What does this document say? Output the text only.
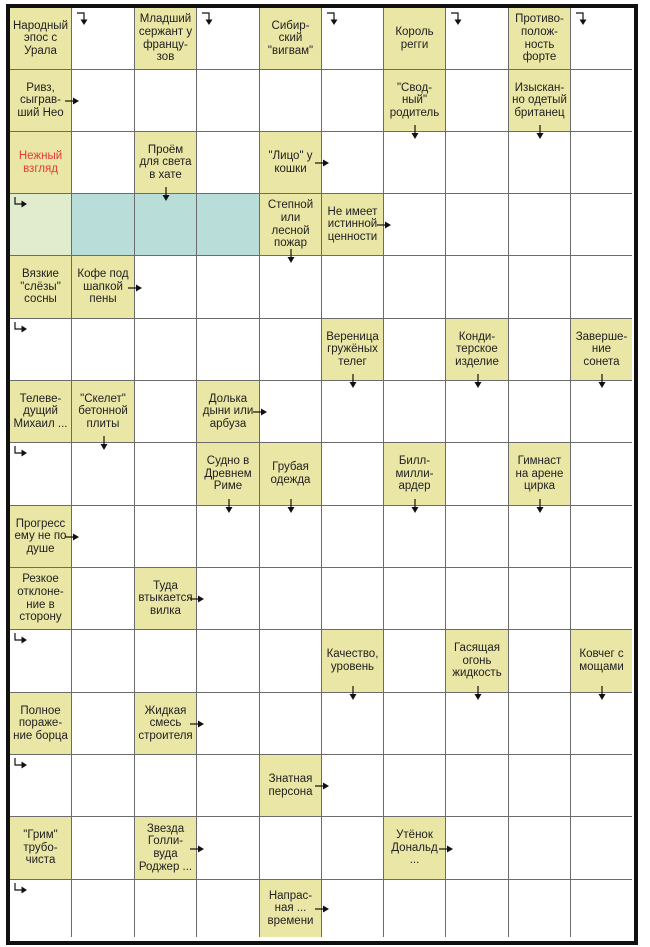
Народный
эпос с
Урала
Младший
сержант у
францу-
зов
Сибир-
ский
"вигвам"
Король
регги
Противо-
полож-
ность
форте
Ривз,
сыграв-
ший Нео
"Свод-
ный"
родитель
Изыскан-
но одетый
британец
Нежный
взгляд
Проём
для света
в хате
"Лицо" у
кошки
Степной
или
лесной
пожар
Не имеет
истинной
ценности
Вязкие
"слёзы"
сосны
Кофе под
шапкой
пены
Вереница
гружёных
телег
Конди-
терское
изделие
Заверше-
ние
сонета
Телеве-
дущий
Михаил ...
"Скелет"
бетонной
плиты
Долька
дыни или
арбуза
Судно в
Древнем
Риме
Грубая
одежда
Билл-
милли-
ардер
Гимнаст
на арене
цирка
Прогресс
ему не по
душе
Резкое
отклоне-
ние в
сторону
Туда
втыкается
вилка
Качество,
уровень
Гасящая
огонь
жидкость
Ковчег с
мощами
Полное
пораже-
ние борца
Жидкая
смесь
строителя
Знатная
персона
"Грим"
трубо-
чиста
Звезда
Голли-
вуда
Роджер ...
Утёнок
Дональд
...
Напрас-
ная ...
времени
